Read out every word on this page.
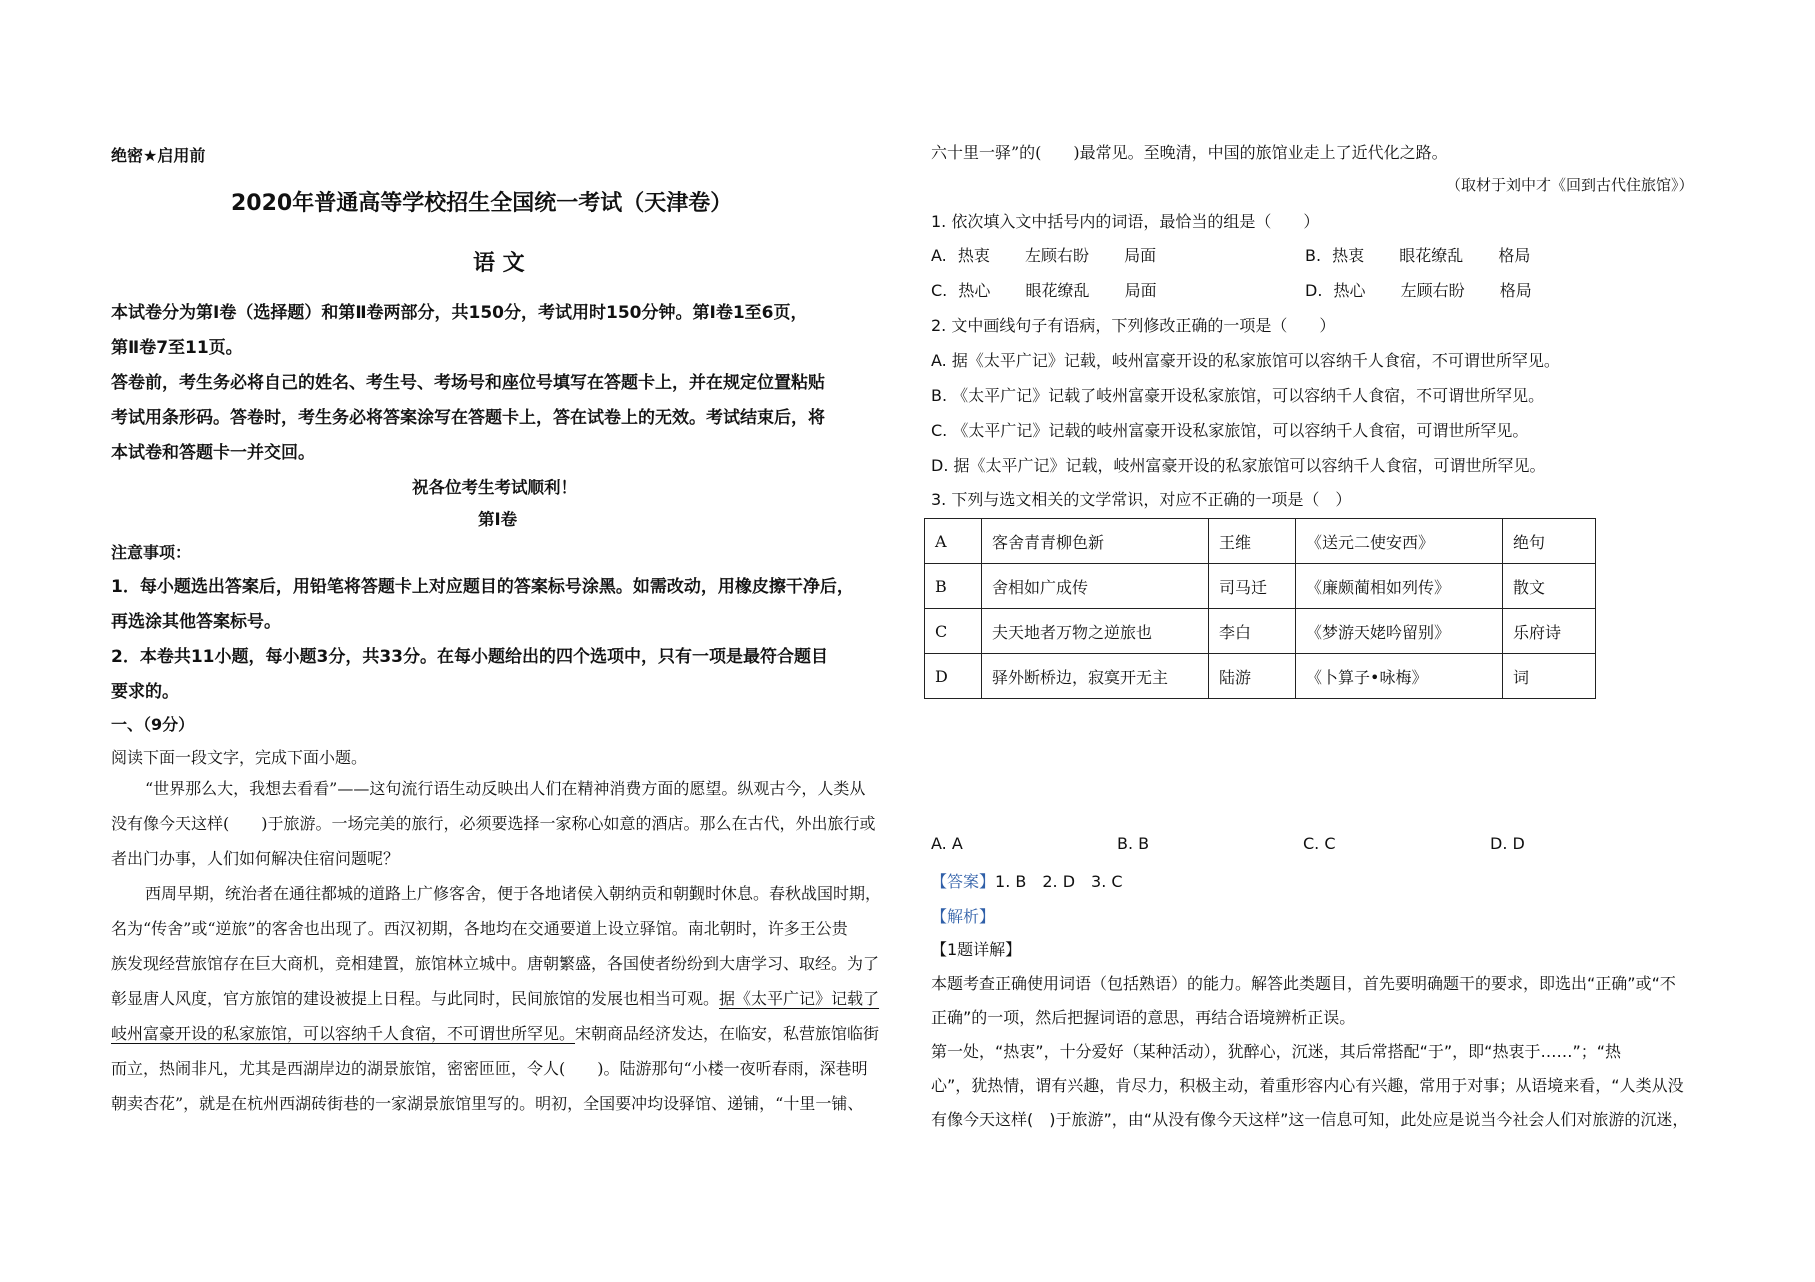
绝密★启用前
2020年普通高等学校招生全国统一考试（天津卷）
语 文
本试卷分为第Ⅰ卷（选择题）和第Ⅱ卷两部分，共150分，考试用时150分钟。第Ⅰ卷1至6页，
第Ⅱ卷7至11页。
答卷前，考生务必将自己的姓名、考生号、考场号和座位号填写在答题卡上，并在规定位置粘贴
考试用条形码。答卷时，考生务必将答案涂写在答题卡上，答在试卷上的无效。考试结束后，将
本试卷和答题卡一并交回。
祝各位考生考试顺利！
第Ⅰ卷
注意事项：
1．每小题选出答案后，用铅笔将答题卡上对应题目的答案标号涂黑。如需改动，用橡皮擦干净后，
再选涂其他答案标号。
2．本卷共11小题，每小题3分，共33分。在每小题给出的四个选项中，只有一项是最符合题目
要求的。
一、（9分）
阅读下面一段文字，完成下面小题。
“世界那么大，我想去看看”——这句流行语生动反映出人们在精神消费方面的愿望。纵观古今，人类从
没有像今天这样(　　)于旅游。一场完美的旅行，必须要选择一家称心如意的酒店。那么在古代，外出旅行或
者出门办事，人们如何解决住宿问题呢？
西周早期，统治者在通往都城的道路上广修客舍，便于各地诸侯入朝纳贡和朝觐时休息。春秋战国时期，
名为“传舍”或“逆旅”的客舍也出现了。西汉初期，各地均在交通要道上设立驿馆。南北朝时，许多王公贵
族发现经营旅馆存在巨大商机，竞相建置，旅馆林立城中。唐朝繁盛，各国使者纷纷到大唐学习、取经。为了
彰显唐人风度，官方旅馆的建设被提上日程。与此同时，民间旅馆的发展也相当可观。据《太平广记》记载了
岐州富豪开设的私家旅馆，可以容纳千人食宿，不可谓世所罕见。宋朝商品经济发达，在临安，私营旅馆临街
而立，热闹非凡，尤其是西湖岸边的湖景旅馆，密密匝匝，令人(　　)。陆游那句“小楼一夜听春雨，深巷明
朝卖杏花”，就是在杭州西湖砖街巷的一家湖景旅馆里写的。明初，全国要冲均设驿馆、递铺，“十里一铺、
六十里一驿”的(　　)最常见。至晚清，中国的旅馆业走上了近代化之路。
（取材于刘中才《回到古代住旅馆》）
1. 依次填入文中括号内的词语，最恰当的组是（　　）
A. 热衷 左顾右盼 局面	B. 热衷 眼花缭乱 格局
C. 热心 眼花缭乱 局面	D. 热心 左顾右盼 格局
2. 文中画线句子有语病，下列修改正确的一项是（　　）
A. 据《太平广记》记载，岐州富豪开设的私家旅馆可以容纳千人食宿，不可谓世所罕见。
B. 《太平广记》记载了岐州富豪开设私家旅馆，可以容纳千人食宿，不可谓世所罕见。
C. 《太平广记》记载的岐州富豪开设私家旅馆，可以容纳千人食宿，可谓世所罕见。
D. 据《太平广记》记载，岐州富豪开设的私家旅馆可以容纳千人食宿，可谓世所罕见。
3. 下列与选文相关的文学常识，对应不正确的一项是（　）
A	客舍青青柳色新	王维	《送元二使安西》	绝句
B	舍相如广成传	司马迁	《廉颇蔺相如列传》	散文
C	夫天地者万物之逆旅也	李白	《梦游天姥吟留别》	乐府诗
D	驿外断桥边，寂寞开无主	陆游	《卜算子•咏梅》	词
A. A	B. B	C. C	D. D
【答案】1. B　2. D　3. C
【解析】
【1题详解】
本题考查正确使用词语（包括熟语）的能力。解答此类题目，首先要明确题干的要求，即选出“正确”或“不
正确”的一项，然后把握词语的意思，再结合语境辨析正误。
第一处，“热衷”，十分爱好（某种活动），犹醉心，沉迷，其后常搭配“于”，即“热衷于……”；“热
心”，犹热情，谓有兴趣，肯尽力，积极主动，着重形容内心有兴趣，常用于对事；从语境来看，“人类从没
有像今天这样(　)于旅游”，由“从没有像今天这样”这一信息可知，此处应是说当今社会人们对旅游的沉迷，
